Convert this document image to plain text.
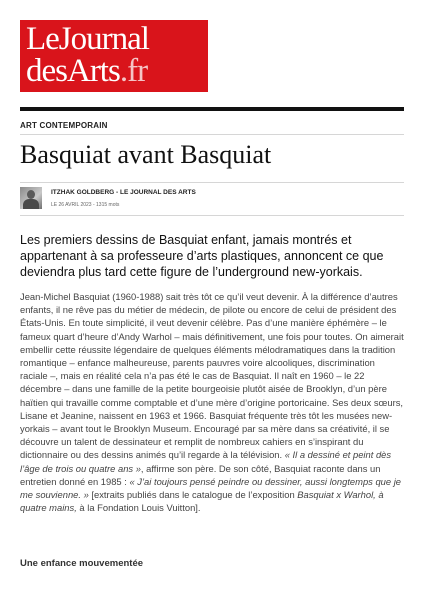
LeJournal
desArts.fr
ART CONTEMPORAIN
Basquiat avant Basquiat
ITZHAK GOLDBERG - LE JOURNAL DES ARTS
LE 26 AVRIL 2023 - 1315 mots

Les premiers dessins de Basquiat enfant, jamais montrés et appartenant à sa professeure d’arts plastiques, annoncent ce que deviendra plus tard cette figure de l’underground new-yorkais.

Jean-Michel Basquiat (1960-1988) sait très tôt ce qu’il veut devenir. À la différence d’autres enfants, il ne rêve pas du métier de médecin, de pilote ou encore de celui de président des États-Unis. En toute simplicité, il veut devenir célèbre. Pas d’une manière éphémère – le fameux quart d’heure d’Andy Warhol – mais définitivement, une fois pour toutes. On aimerait embellir cette réussite légendaire de quelques éléments mélodramatiques dans la tradition romantique – enfance malheureuse, parents pauvres voire alcooliques, discrimination raciale –, mais en réalité cela n’a pas été le cas de Basquiat. Il naît en 1960 – le 22 décembre – dans une famille de la petite bourgeoisie plutôt aisée de Brooklyn, d’un père haïtien qui travaille comme comptable et d’une mère d’origine portoricaine. Ses deux sœurs, Lisane et Jeanine, naissent en 1963 et 1966. Basquiat fréquente très tôt les musées new-yorkais – avant tout le Brooklyn Museum. Encouragé par sa mère dans sa créativité, il se découvre un talent de dessinateur et remplit de nombreux cahiers en s’inspirant du dictionnaire ou des dessins animés qu’il regarde à la télévision. « Il a dessiné et peint dès l’âge de trois ou quatre ans », affirme son père. De son côté, Basquiat raconte dans un entretien donné en 1985 : « J’ai toujours pensé peindre ou dessiner, aussi longtemps que je me souvienne. » [extraits publiés dans le catalogue de l’exposition Basquiat x Warhol, à quatre mains, à la Fondation Louis Vuitton].

Une enfance mouvementée
